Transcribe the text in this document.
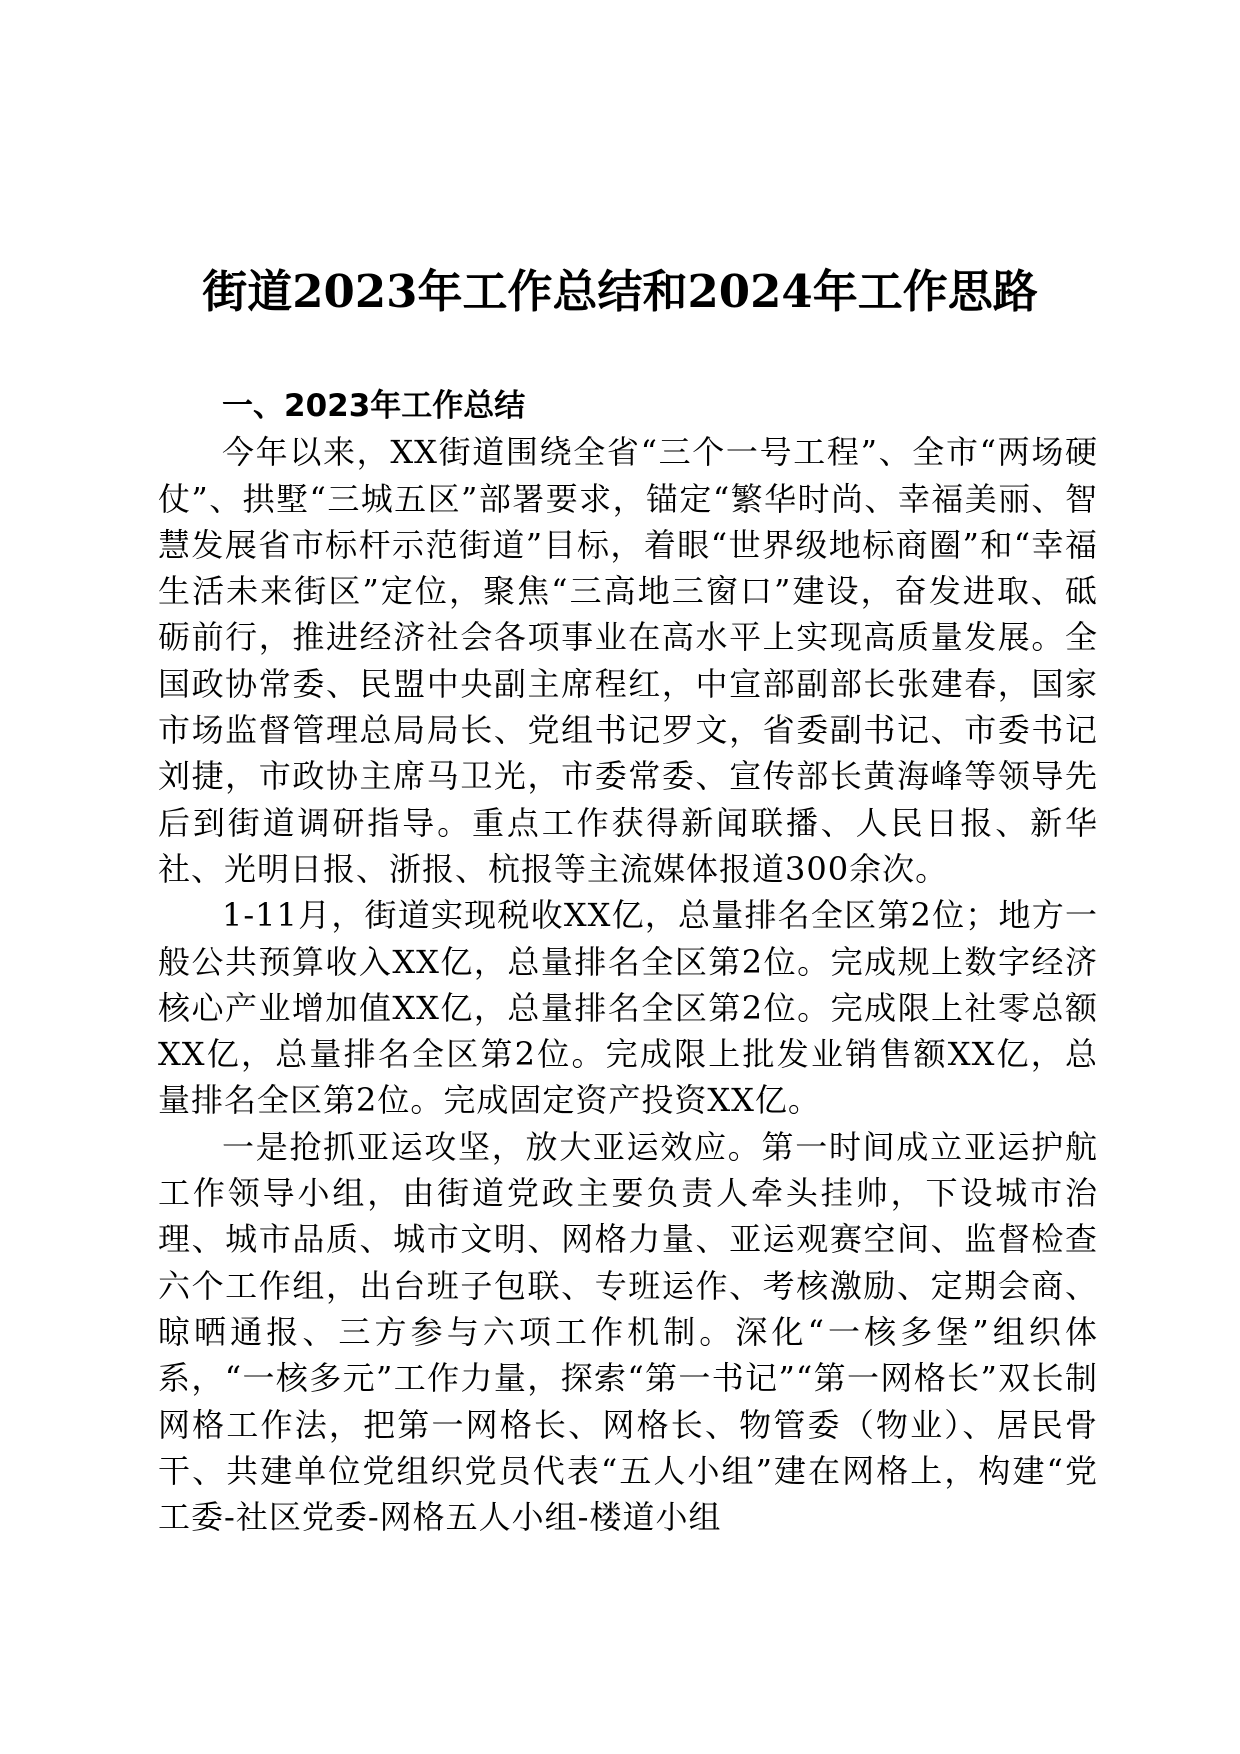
街道2023年工作总结和2024年工作思路

一、2023年工作总结

今年以来，XX街道围绕全省“三个一号工程”、全市“两场硬仗”、拱墅“三城五区”部署要求，锚定“繁华时尚、幸福美丽、智慧发展省市标杆示范街道”目标，着眼“世界级地标商圈”和“幸福生活未来街区”定位，聚焦“三高地三窗口”建设，奋发进取、砥砺前行，推进经济社会各项事业在高水平上实现高质量发展。全国政协常委、民盟中央副主席程红，中宣部副部长张建春，国家市场监督管理总局局长、党组书记罗文，省委副书记、市委书记刘捷，市政协主席马卫光，市委常委、宣传部长黄海峰等领导先后到街道调研指导。重点工作获得新闻联播、人民日报、新华社、光明日报、浙报、杭报等主流媒体报道300余次。

1-11月，街道实现税收XX亿，总量排名全区第2位；地方一般公共预算收入XX亿，总量排名全区第2位。完成规上数字经济核心产业增加值XX亿，总量排名全区第2位。完成限上社零总额XX亿，总量排名全区第2位。完成限上批发业销售额XX亿，总量排名全区第2位。完成固定资产投资XX亿。

一是抢抓亚运攻坚，放大亚运效应。第一时间成立亚运护航工作领导小组，由街道党政主要负责人牵头挂帅，下设城市治理、城市品质、城市文明、网格力量、亚运观赛空间、监督检查六个工作组，出台班子包联、专班运作、考核激励、定期会商、晾晒通报、三方参与六项工作机制。深化“一核多堡”组织体系，“一核多元”工作力量，探索“第一书记”“第一网格长”双长制网格工作法，把第一网格长、网格长、物管委（物业）、居民骨干、共建单位党组织党员代表“五人小组”建在网格上，构建“党工委-社区党委-网格五人小组-楼道小组
